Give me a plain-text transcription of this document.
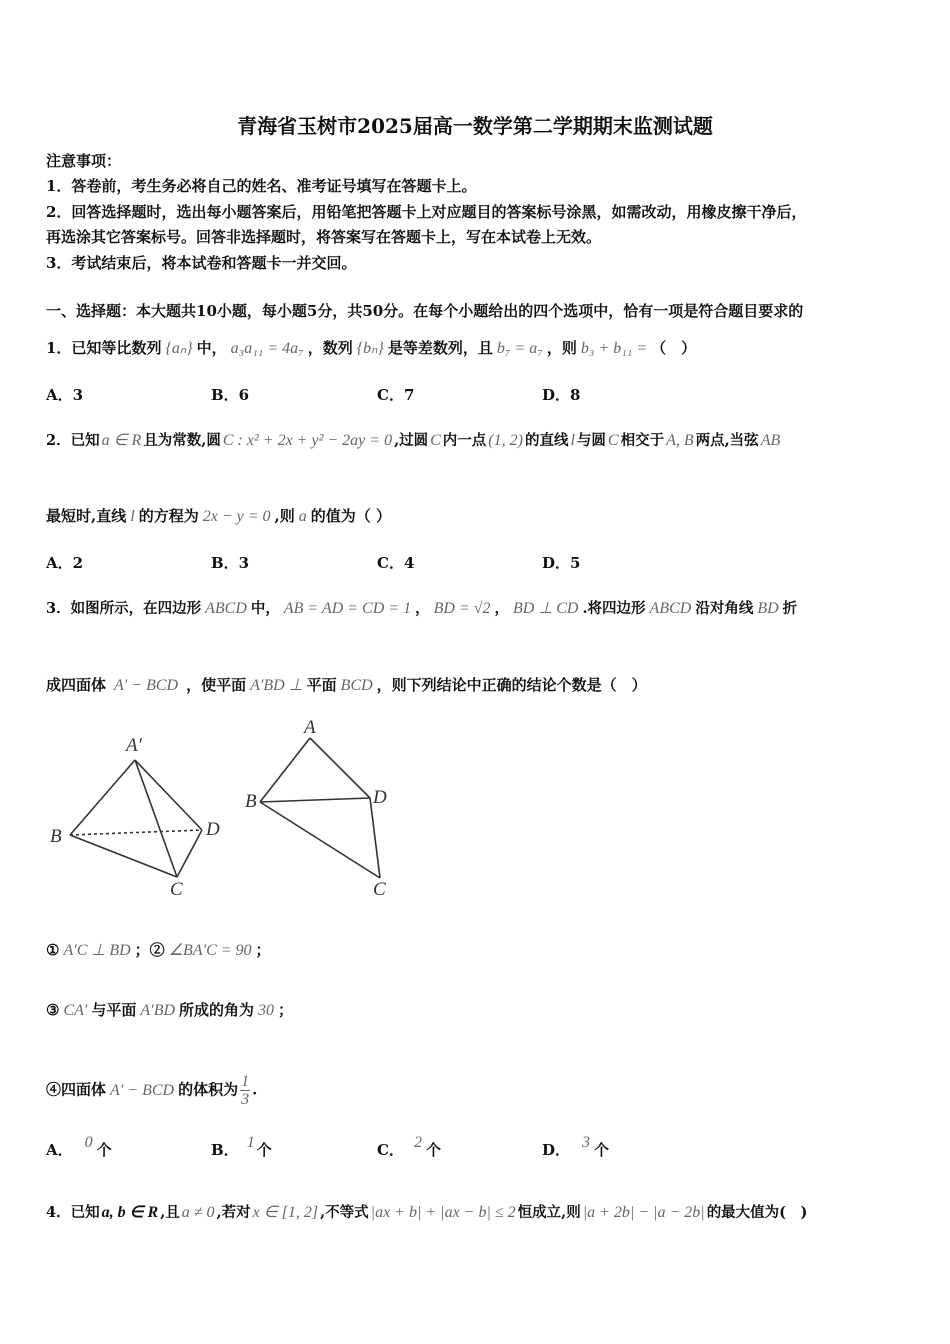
青海省玉树市2025届高一数学第二学期期末监测试题
注意事项：
1．答卷前，考生务必将自己的姓名、准考证号填写在答题卡上。
2．回答选择题时，选出每小题答案后，用铅笔把答题卡上对应题目的答案标号涂黑，如需改动，用橡皮擦干净后，
再选涂其它答案标号。回答非选择题时，将答案写在答题卡上，写在本试卷上无效。
3．考试结束后，将本试卷和答题卡一并交回。
一、选择题：本大题共10小题，每小题5分，共50分。在每个小题给出的四个选项中，恰有一项是符合题目要求的
1．已知等比数列 {aₙ} 中， a₃a₁₁ = 4a₇ ，数列 {bₙ} 是等差数列，且 b₇ = a₇ ，则 b₃ + b₁₁ = （　）
A．3	B．6	C．7	D．8
2．已知 a ∈ R 且为常数,圆 C : x² + 2x + y² − 2ay = 0 ,过圆 C 内一点 (1, 2) 的直线 l 与圆 C 相交于 A, B 两点,当弦 AB
最短时,直线 l 的方程为 2x − y = 0 ,则 a 的值为（ ）
A．2	B．3	C．4	D．5
3．如图所示，在四边形 ABCD 中， AB = AD = CD = 1 ， BD = √2 ， BD ⊥ CD .将四边形 ABCD 沿对角线 BD 折
成四面体 A′ − BCD ，使平面 A′BD ⊥ 平面 BCD ，则下列结论中正确的结论个数是（　）
A′
B	D
C
A
B	D
C
① A′C ⊥ BD ；② ∠BA′C = 90 ；
③ CA′ 与平面 A′BD 所成的角为 30 ；
④四面体 A′ − BCD 的体积为 $\frac{1}{3}$ .
A． 0 个	B． 1 个	C． 2 个	D． 3 个
4．已知 a, b ∈ R ,且 a ≠ 0 ,若对 x ∈ [1, 2] ,不等式 |ax + b| + |ax − b| ≤ 2 恒成立,则 |a + 2b| − |a − 2b| 的最大值为(　)
